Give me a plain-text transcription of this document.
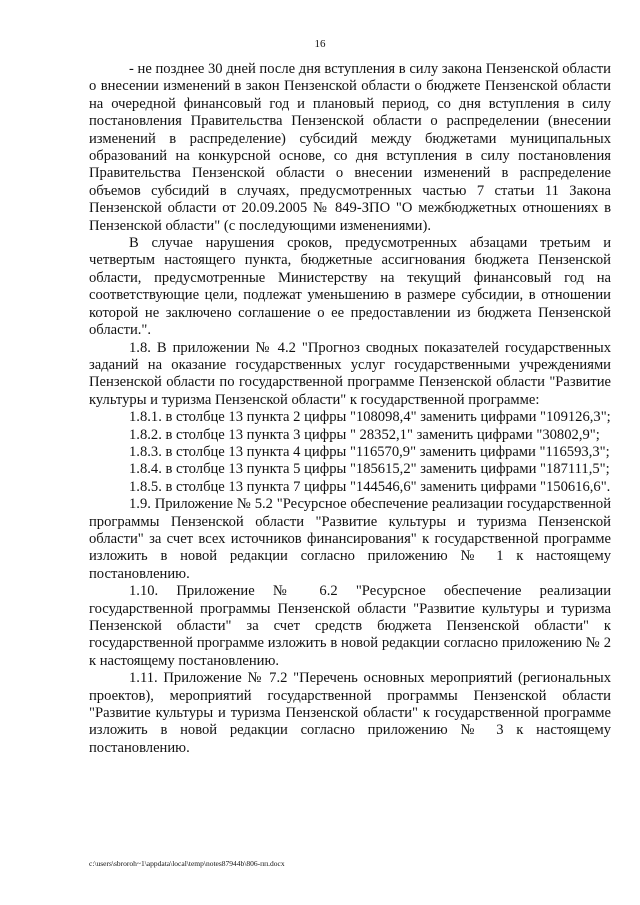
16

- не позднее 30 дней после дня вступления в силу закона Пензенской области о внесении изменений в закон Пензенской области о бюджете Пензенской области на очередной финансовый год и плановый период, со дня вступления в силу постановления Правительства Пензенской области о распределении (внесении изменений в распределение) субсидий между бюджетами муниципальных образований на конкурсной основе, со дня вступления в силу постановления Правительства Пензенской области о внесении изменений в распределение объемов субсидий в случаях, предусмотренных частью 7 статьи 11 Закона Пензенской области от 20.09.2005 № 849-ЗПО "О межбюджетных отношениях в Пензенской области" (с последующими изменениями).

В случае нарушения сроков, предусмотренных абзацами третьим и четвертым настоящего пункта, бюджетные ассигнования бюджета Пензенской области, предусмотренные Министерству на текущий финансовый год на соответствующие цели, подлежат уменьшению в размере субсидии, в отношении которой не заключено соглашение о ее предоставлении из бюджета Пензенской области.".

1.8. В приложении № 4.2 "Прогноз сводных показателей государственных заданий на оказание государственных услуг государственными учреждениями Пензенской области по государственной программе Пензенской области "Развитие культуры и туризма Пензенской области" к государственной программе:

1.8.1. в столбце 13 пункта 2 цифры "108098,4" заменить цифрами "109126,3";

1.8.2. в столбце 13 пункта 3 цифры " 28352,1" заменить цифрами "30802,9";

1.8.3. в столбце 13 пункта 4 цифры "116570,9" заменить цифрами "116593,3";

1.8.4. в столбце 13 пункта 5 цифры "185615,2" заменить цифрами "187111,5";

1.8.5. в столбце 13 пункта 7 цифры "144546,6" заменить цифрами "150616,6".

1.9. Приложение № 5.2 "Ресурсное обеспечение реализации государственной программы Пензенской области "Развитие культуры и туризма Пензенской области" за счет всех источников финансирования" к государственной программе изложить в новой редакции согласно приложению № 1 к настоящему постановлению.

1.10. Приложение № 6.2 "Ресурсное обеспечение реализации государственной программы Пензенской области "Развитие культуры и туризма Пензенской области" за счет средств бюджета Пензенской области" к государственной программе изложить в новой редакции согласно приложению № 2 к настоящему постановлению.

1.11. Приложение № 7.2 "Перечень основных мероприятий (региональных проектов), мероприятий государственной программы Пензенской области "Развитие культуры и туризма Пензенской области" к государственной программе изложить в новой редакции согласно приложению № 3 к настоящему постановлению.

c:\users\sbroroh~1\appdata\local\temp\notes87944b\806-пп.docx
